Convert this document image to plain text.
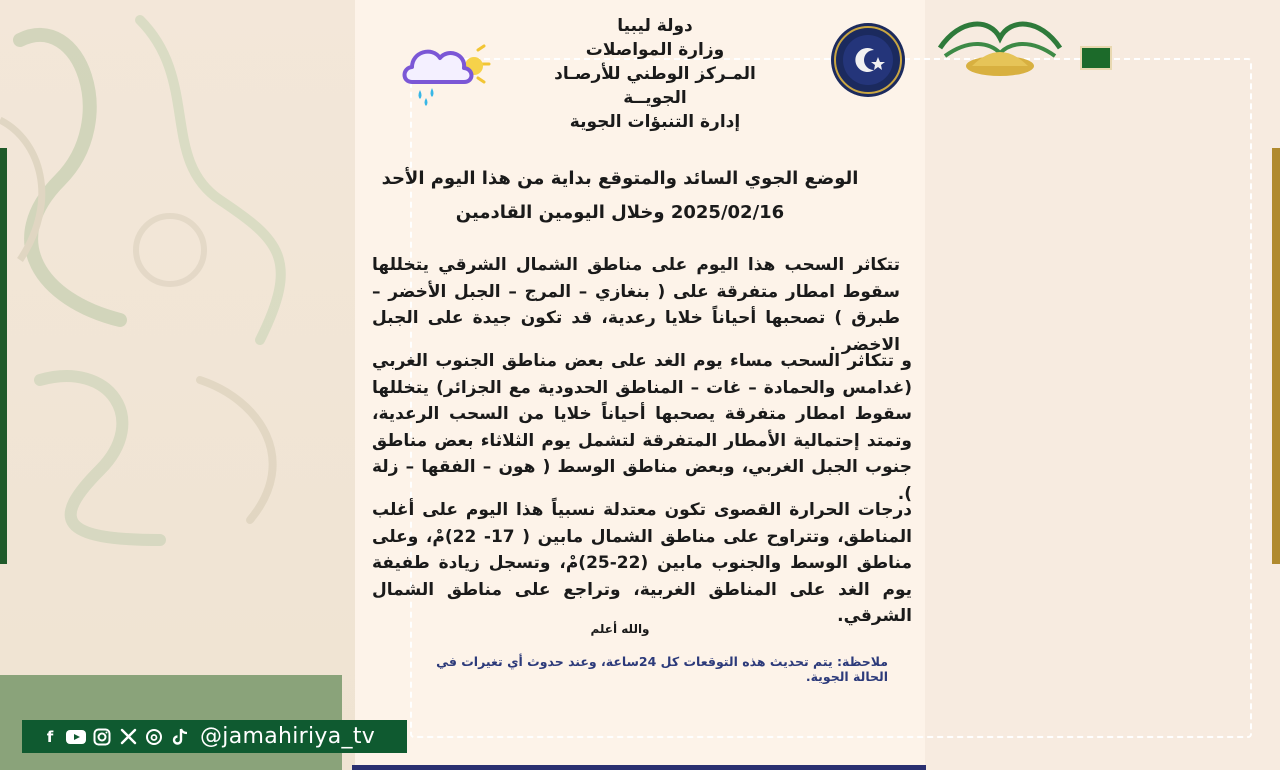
دولة ليبيا
وزارة المواصلات
المـركز الوطني للأرصـاد الجويــة
إدارة التنبؤات الجوية
الوضع الجوي السائد والمتوقع بداية من هذا اليوم الأحد
2025/02/16 وخلال اليومين القادمين
تتكاثر السحب هذا اليوم على مناطق الشمال الشرقي يتخللها سقوط امطار متفرقة على ( بنغازي – المرج – الجبل الأخضر – طبرق ) تصحبها أحياناً خلايا رعدية، قد تكون جيدة على الجبل الاخضر .
و تتكاثر السحب مساء يوم الغد على بعض مناطق الجنوب الغربي (غدامس والحمادة – غات – المناطق الحدودية مع الجزائر) يتخللها سقوط امطار متفرقة يصحبها أحياناً خلايا من السحب الرعدية، وتمتد إحتمالية الأمطار المتفرقة لتشمل يوم الثلاثاء بعض مناطق جنوب الجبل الغربي، وبعض مناطق الوسط ( هون – الفقها – زلة ).
درجات الحرارة القصوى تكون معتدلة نسبياً هذا اليوم على أغلب المناطق، وتتراوح على مناطق الشمال مابين ( 17- 22)مْ، وعلى مناطق الوسط والجنوب مابين (22-25)مْ، وتسجل زيادة طفيفة يوم الغد على المناطق الغربية، وتراجع على مناطق الشمال الشرقي.
والله أعلم
ملاحظة: يتم تحديث هذه التوقعات كل 24ساعة، وعند حدوث أي تغيرات في الحالة الجوية.
f	@jamahiriya_tv
